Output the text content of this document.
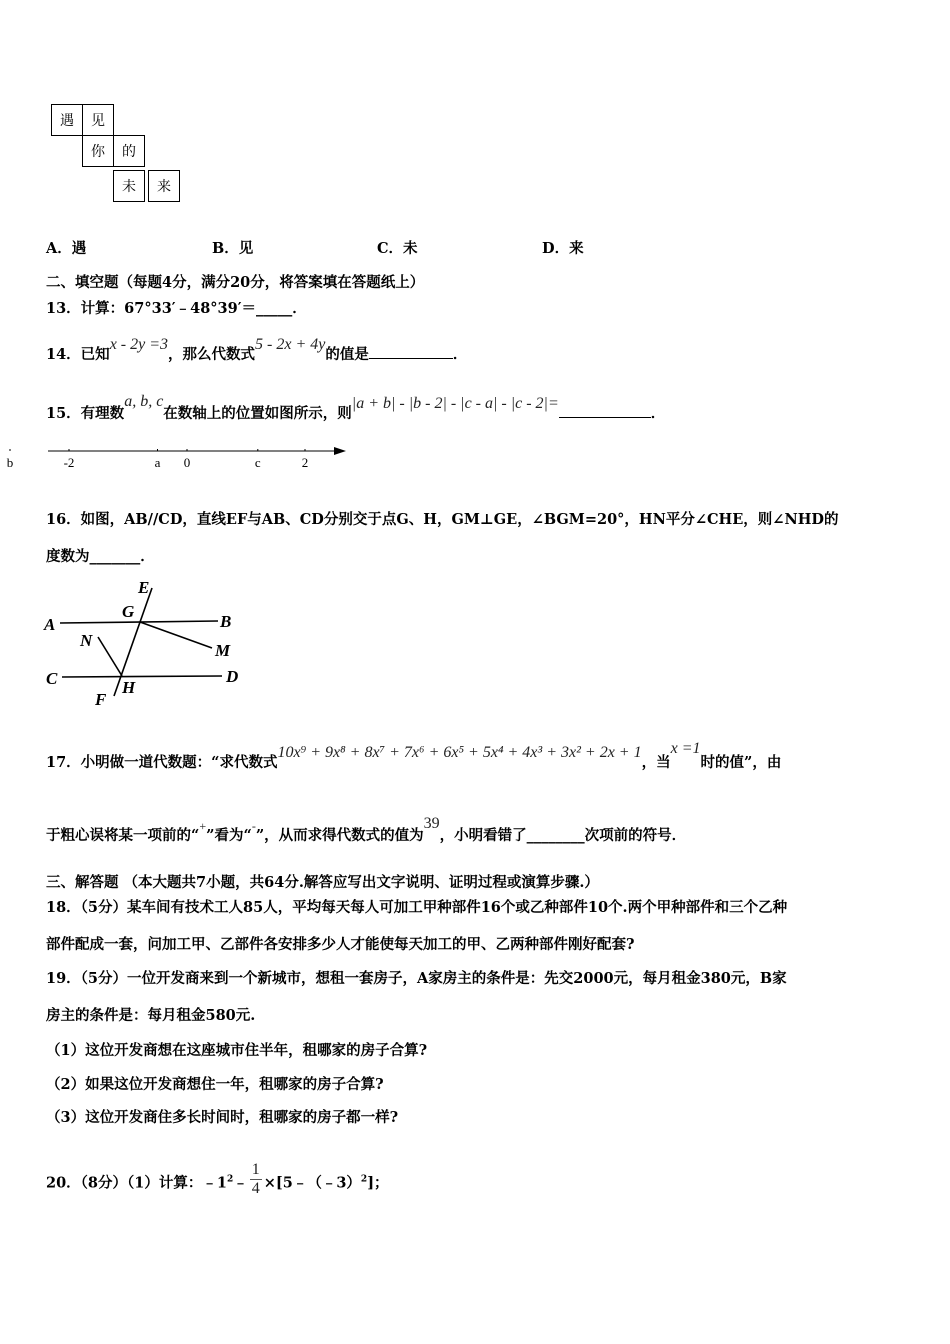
遇	见
你	的
未	来
A．遇	B．见	C．未	D．来
二、填空题（每题4分，满分20分，将答案填在答题纸上）
13．计算：67°33′﹣48°39′＝_____．
14．已知x - 2y =3，那么代数式5 - 2x + 4y的值是	．
15．有理数a, b, c在数轴上的位置如图所示，则|a + b| - |b - 2| - |c - a| - |c - 2|=．
b	-2	a 0	c	2
16．如图，AB//CD，直线EF与AB、CD分别交于点G、H，GM⊥GE，∠BGM=20°，HN平分∠CHE，则∠NHD的
度数为_______．
E
G
B
A
N
M
C	H
D
F
17．小明做一道代数题：“求代数式10x⁹ + 9x⁸ + 8x⁷ + 7x⁶ + 6x⁵ + 5x⁴ + 4x³ + 3x² + 2x + 1，当x =1时的值”，由
于粗心误将某一项前的“+”看为“-”，从而求得代数式的值为39，小明看错了________次项前的符号．
三、解答题 （本大题共7小题，共64分.解答应写出文字说明、证明过程或演算步骤.）
18．（5分）某车间有技术工人85人，平均每天每人可加工甲种部件16个或乙种部件10个.两个甲种部件和三个乙种
部件配成一套，问加工甲、乙部件各安排多少人才能使每天加工的甲、乙两种部件刚好配套?
19．（5分）一位开发商来到一个新城市，想租一套房子，A家房主的条件是：先交2000元，每月租金380元，B家
房主的条件是：每月租金580元.
（1）这位开发商想在这座城市住半年，租哪家的房子合算?
（2）如果这位开发商想住一年，租哪家的房子合算?
（3）这位开发商住多长时间时，租哪家的房子都一样?
20．（8分）（1）计算：$﹣1^2﹣ \frac{1}{4}$ ×[5﹣（﹣3）$^2$]；
